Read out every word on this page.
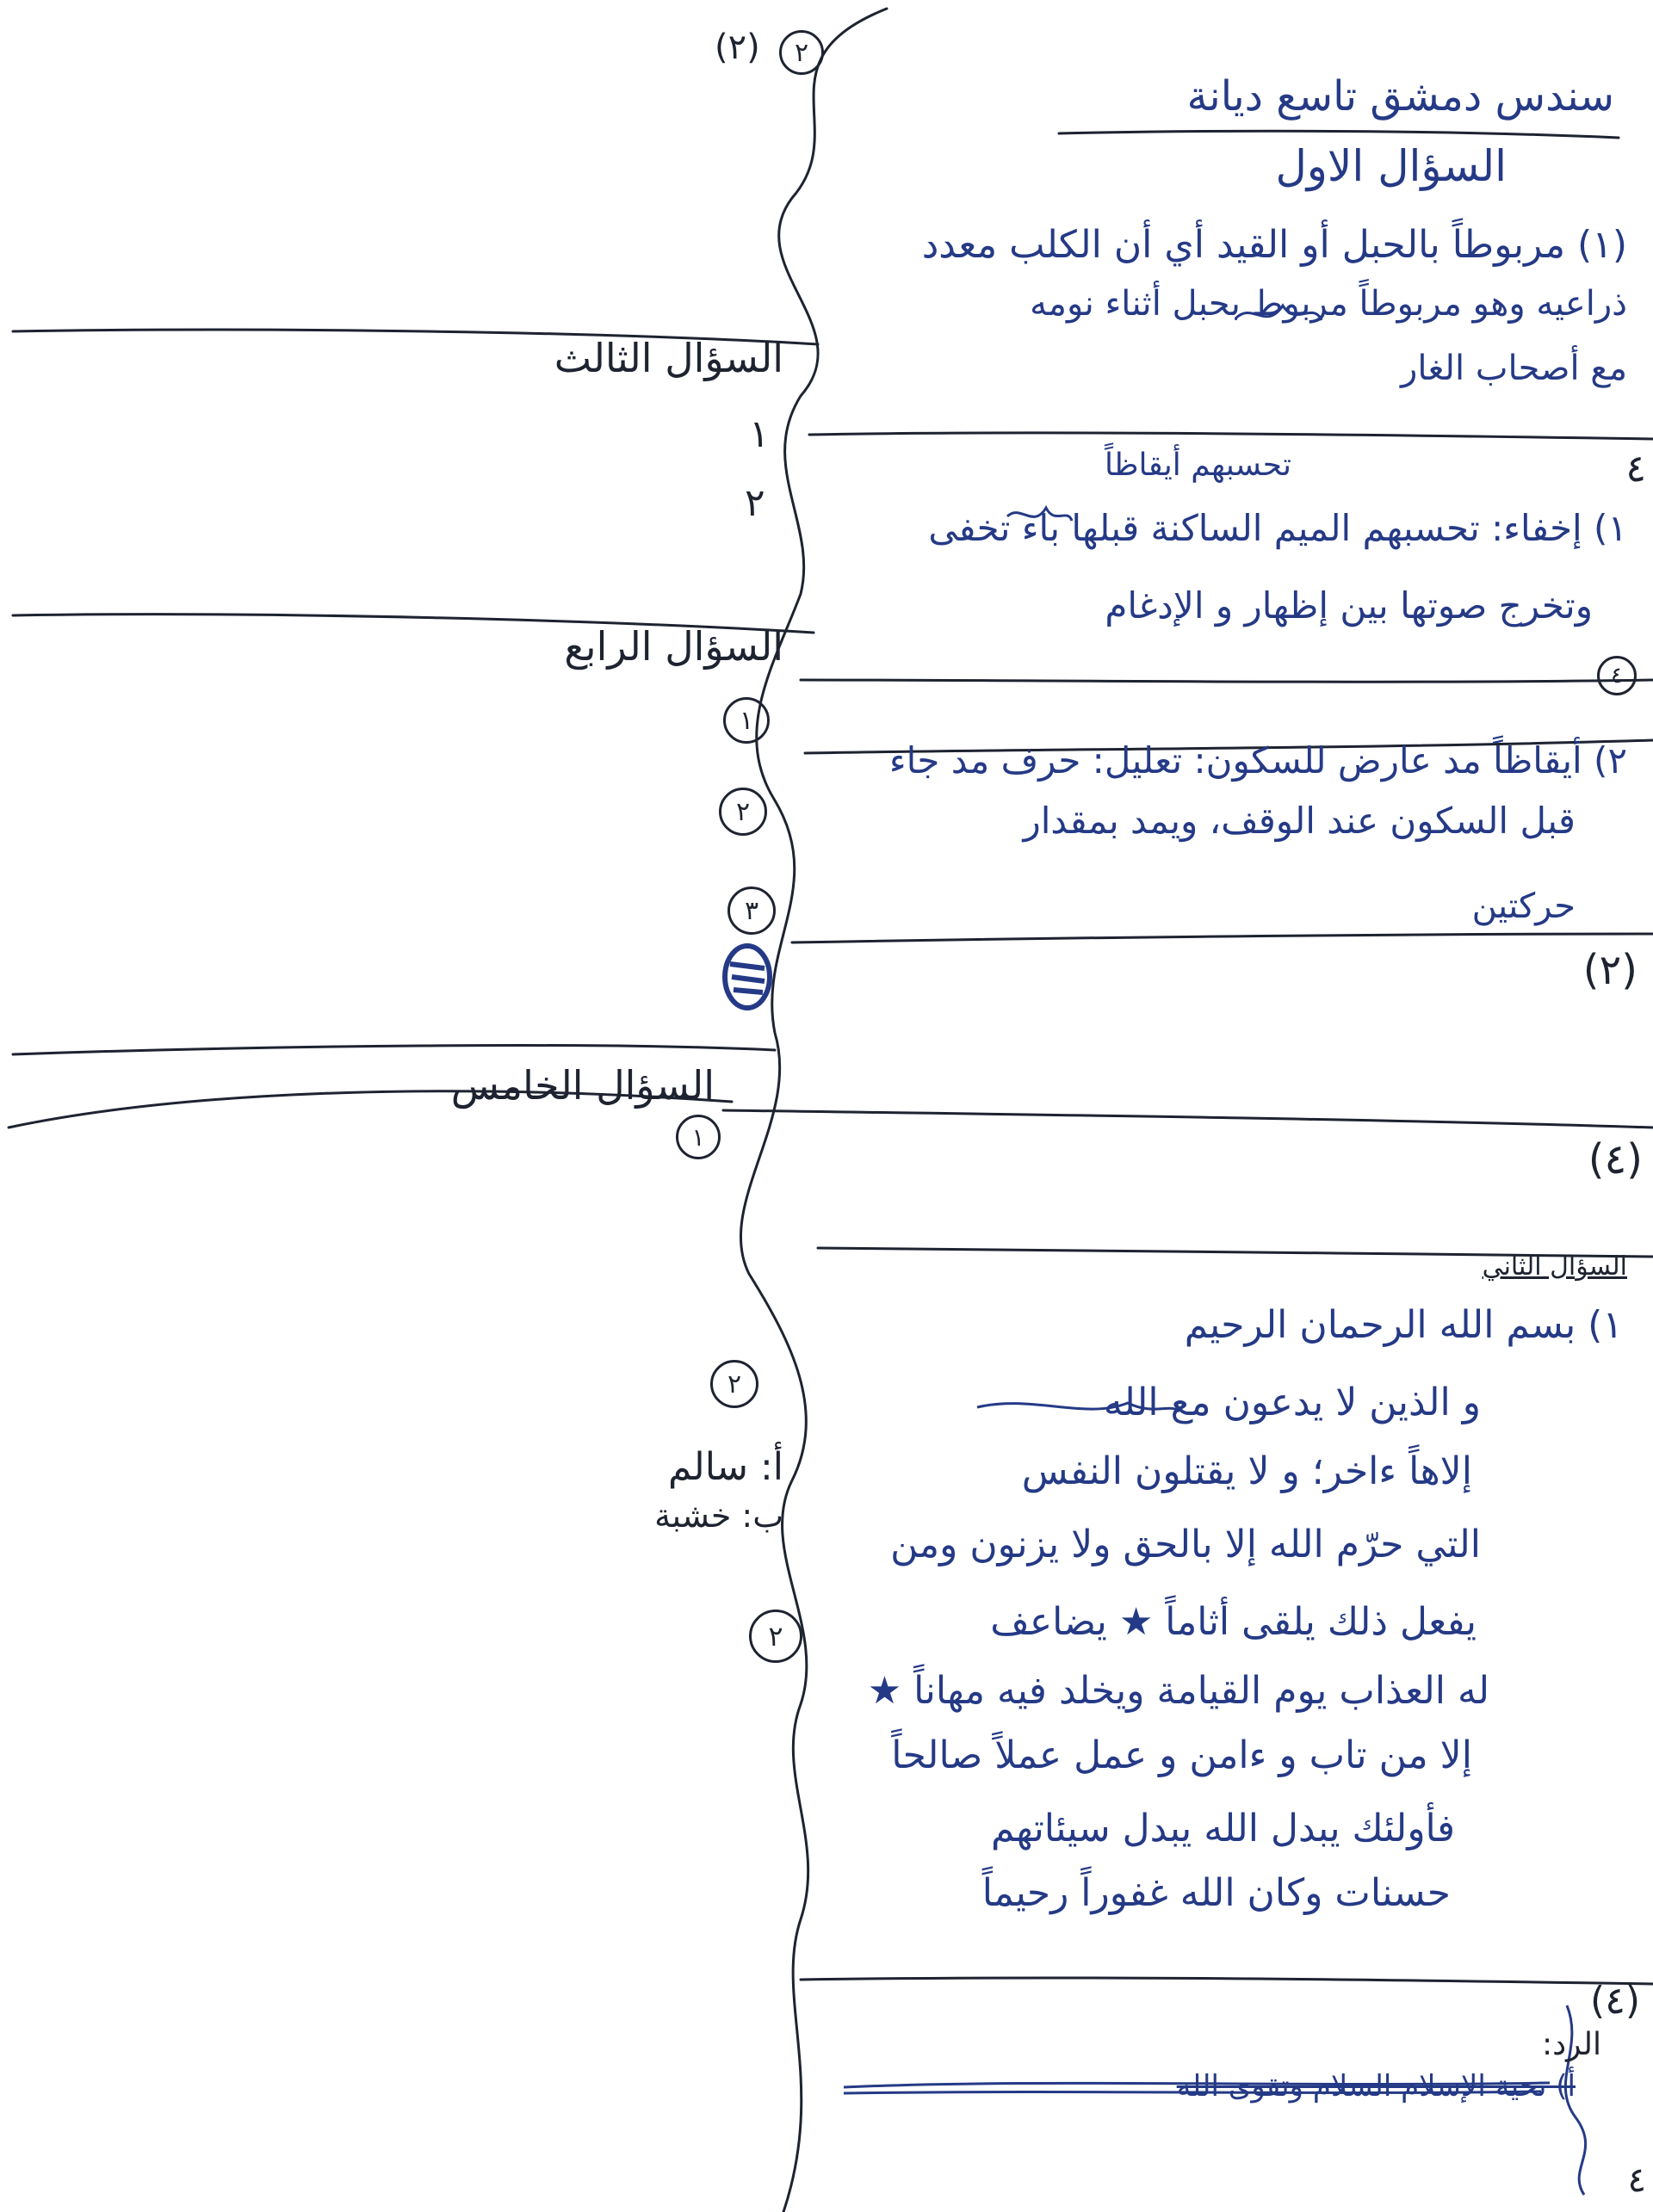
(٢)	٢
سندس دمشق تاسع ديانة
السؤال الاول
(١) مربوطاً بالحبل أو القيد أي أن الكلب معدد
ذراعيه وهو مربوطاً مربوط بحبل أثناء نومه
مع أصحاب الغار
السؤال الثالث
١
٢
تحسبهم أيقاظاً	٤
١) إخفاء: تحسبهم الميم الساكنة قبلها باء تخفى
وتخرج صوتها بين إظهار و الإدغام
٤
السؤال الرابع
١
٢
٣
٢) أيقاظاً مد عارض للسكون: تعليل: حرف مد جاء
قبل السكون عند الوقف، ويمد بمقدار
حركتين
(٢)
السؤال الخامس
١	(٤)
السؤال الثاني
١) بسم الله الرحمان الرحيم
و الذين لا يدعون مع الله
إلاهاً ءاخر؛ و لا يقتلون النفس
التي حرّم الله إلا بالحق ولا يزنون ومن
يفعل ذلك يلقى أثاماً ★ يضاعف
له العذاب يوم القيامة ويخلد فيه مهاناً ★
إلا من تاب و ءامن و عمل عملاً صالحاً
فأولئك يبدل الله يبدل سيئاتهم
حسنات وكان الله غفوراً رحيماً
٢
أ: سالم
ب: خشبة
٢
(٤)
الرد:
أ) تحية الإسلام السلام وتقوى الله
٤
